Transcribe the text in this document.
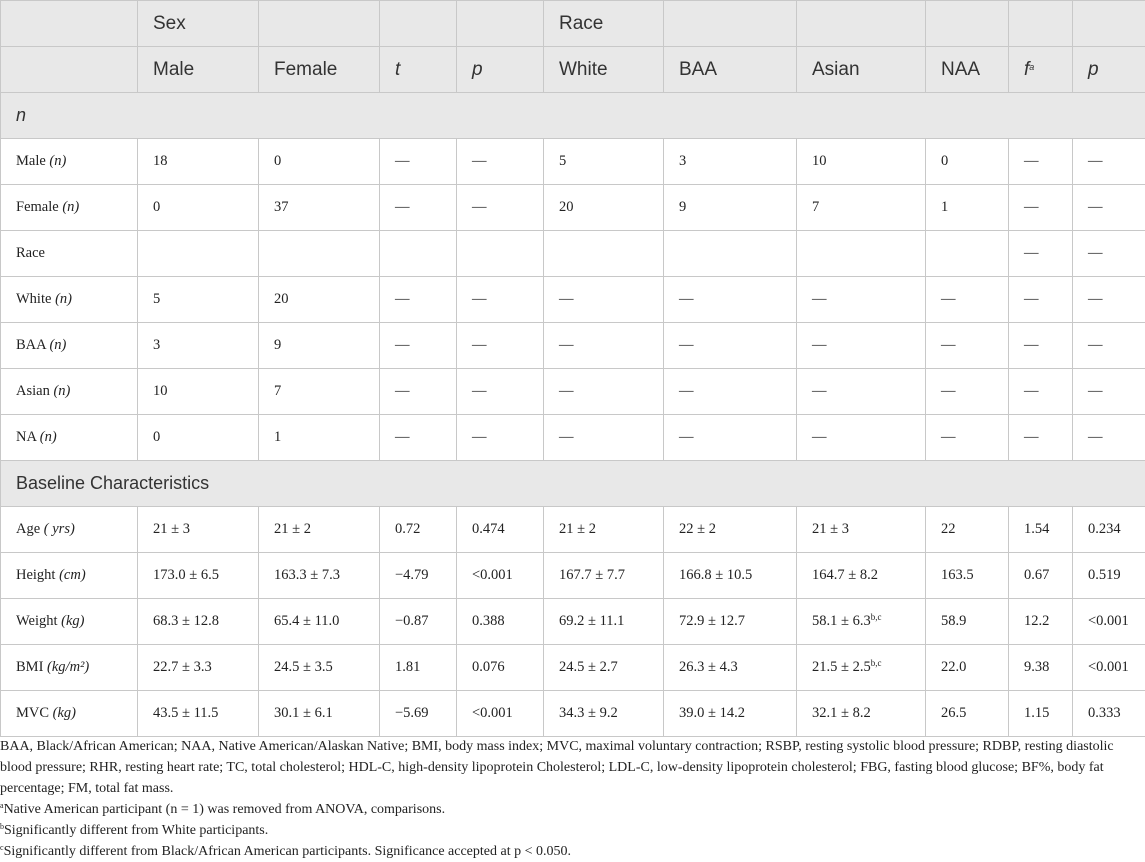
	Sex				Race					
	Male	Female	t	p	White	BAA	Asian	NAA	$f^a$	p
n										
Male (n)	18	0	—	—	5	3	10	0	—	—
Female (n)	0	37	—	—	20	9	7	1	—	—
Race									—	—
White (n)	5	20	—	—	—	—	—	—	—	—
BAA (n)	3	9	—	—	—	—	—	—	—	—
Asian (n)	10	7	—	—	—	—	—	—	—	—
NA (n)	0	1	—	—	—	—	—	—	—	—
Baseline Characteristics										
Age ( yrs)	21 ± 3	21 ± 2	0.72	0.474	21 ± 2	22 ± 2	21 ± 3	22	1.54	0.234
Height (cm)	173.0 ± 6.5	163.3 ± 7.3	−4.79	<0.001	167.7 ± 7.7	166.8 ± 10.5	164.7 ± 8.2	163.5	0.67	0.519
Weight (kg)	68.3 ± 12.8	65.4 ± 11.0	−0.87	0.388	69.2 ± 11.1	72.9 ± 12.7	$58.1 \pm 6.3^{b,c}$	58.9	12.2	<0.001
BMI (kg/m²)	22.7 ± 3.3	24.5 ± 3.5	1.81	0.076	24.5 ± 2.7	26.3 ± 4.3	$21.5 \pm 2.5^{b,c}$	22.0	9.38	<0.001
MVC (kg)	43.5 ± 11.5	30.1 ± 6.1	−5.69	<0.001	34.3 ± 9.2	39.0 ± 14.2	32.1 ± 8.2	26.5	1.15	0.333

BAA, Black/African American; NAA, Native American/Alaskan Native; BMI, body mass index; MVC, maximal voluntary contraction; RSBP, resting systolic blood pressure; RDBP, resting diastolic blood pressure; RHR, resting heart rate; TC, total cholesterol; HDL-C, high-density lipoprotein Cholesterol; LDL-C, low-density lipoprotein cholesterol; FBG, fasting blood glucose; BF%, body fat percentage; FM, total fat mass.

$^a$Native American participant (n = 1) was removed from ANOVA, comparisons.

$^b$Significantly different from White participants.

$^c$Significantly different from Black/African American participants. Significance accepted at p < 0.050.
